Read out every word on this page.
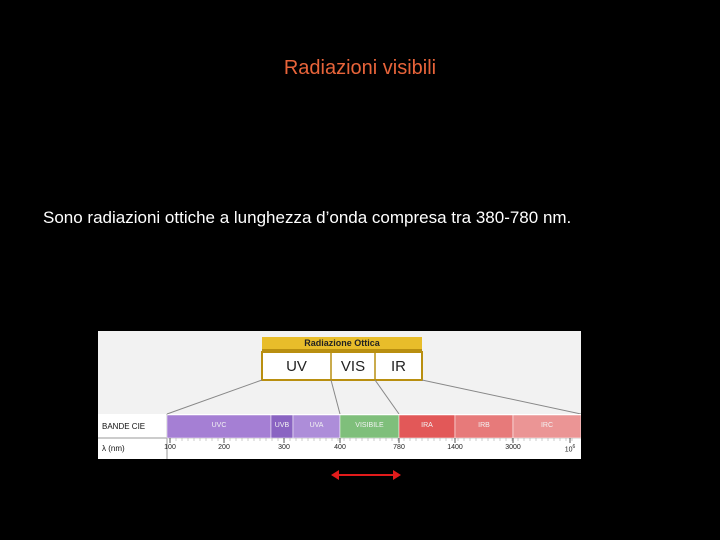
Radiazioni visibili
Sono radiazioni ottiche a lunghezza d’onda compresa tra 380-780 nm.
Radiazione Ottica
UV	VIS	IR
BANDE CIE
λ (nm)
UVC	UVB	UVA	VISIBILE	IRA	IRB	IRC
100	200	300	400	780	1400	3000	$10^6$
